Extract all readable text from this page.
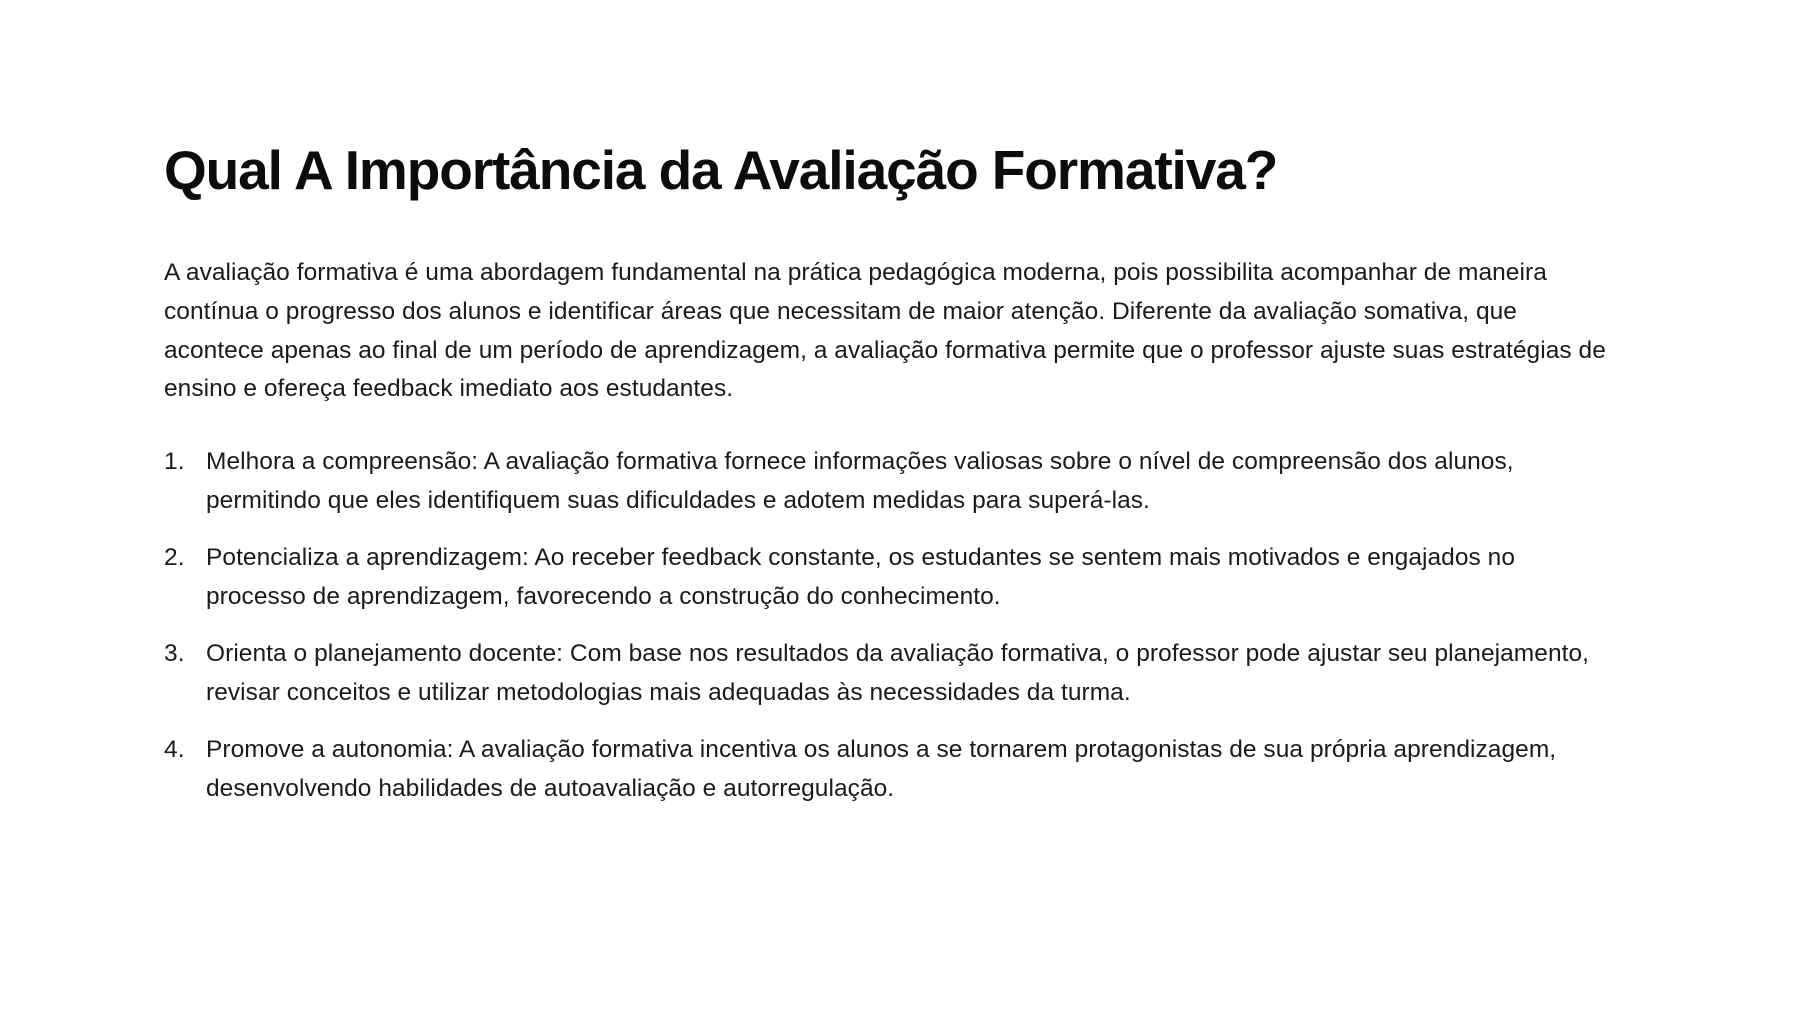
Qual A Importância da Avaliação Formativa?

A avaliação formativa é uma abordagem fundamental na prática pedagógica moderna, pois possibilita acompanhar de maneira contínua o progresso dos alunos e identificar áreas que necessitam de maior atenção. Diferente da avaliação somativa, que acontece apenas ao final de um período de aprendizagem, a avaliação formativa permite que o professor ajuste suas estratégias de ensino e ofereça feedback imediato aos estudantes.

Melhora a compreensão: A avaliação formativa fornece informações valiosas sobre o nível de compreensão dos alunos, permitindo que eles identifiquem suas dificuldades e adotem medidas para superá-las.
Potencializa a aprendizagem: Ao receber feedback constante, os estudantes se sentem mais motivados e engajados no processo de aprendizagem, favorecendo a construção do conhecimento.
Orienta o planejamento docente: Com base nos resultados da avaliação formativa, o professor pode ajustar seu planejamento, revisar conceitos e utilizar metodologias mais adequadas às necessidades da turma.
Promove a autonomia: A avaliação formativa incentiva os alunos a se tornarem protagonistas de sua própria aprendizagem, desenvolvendo habilidades de autoavaliação e autorregulação.
